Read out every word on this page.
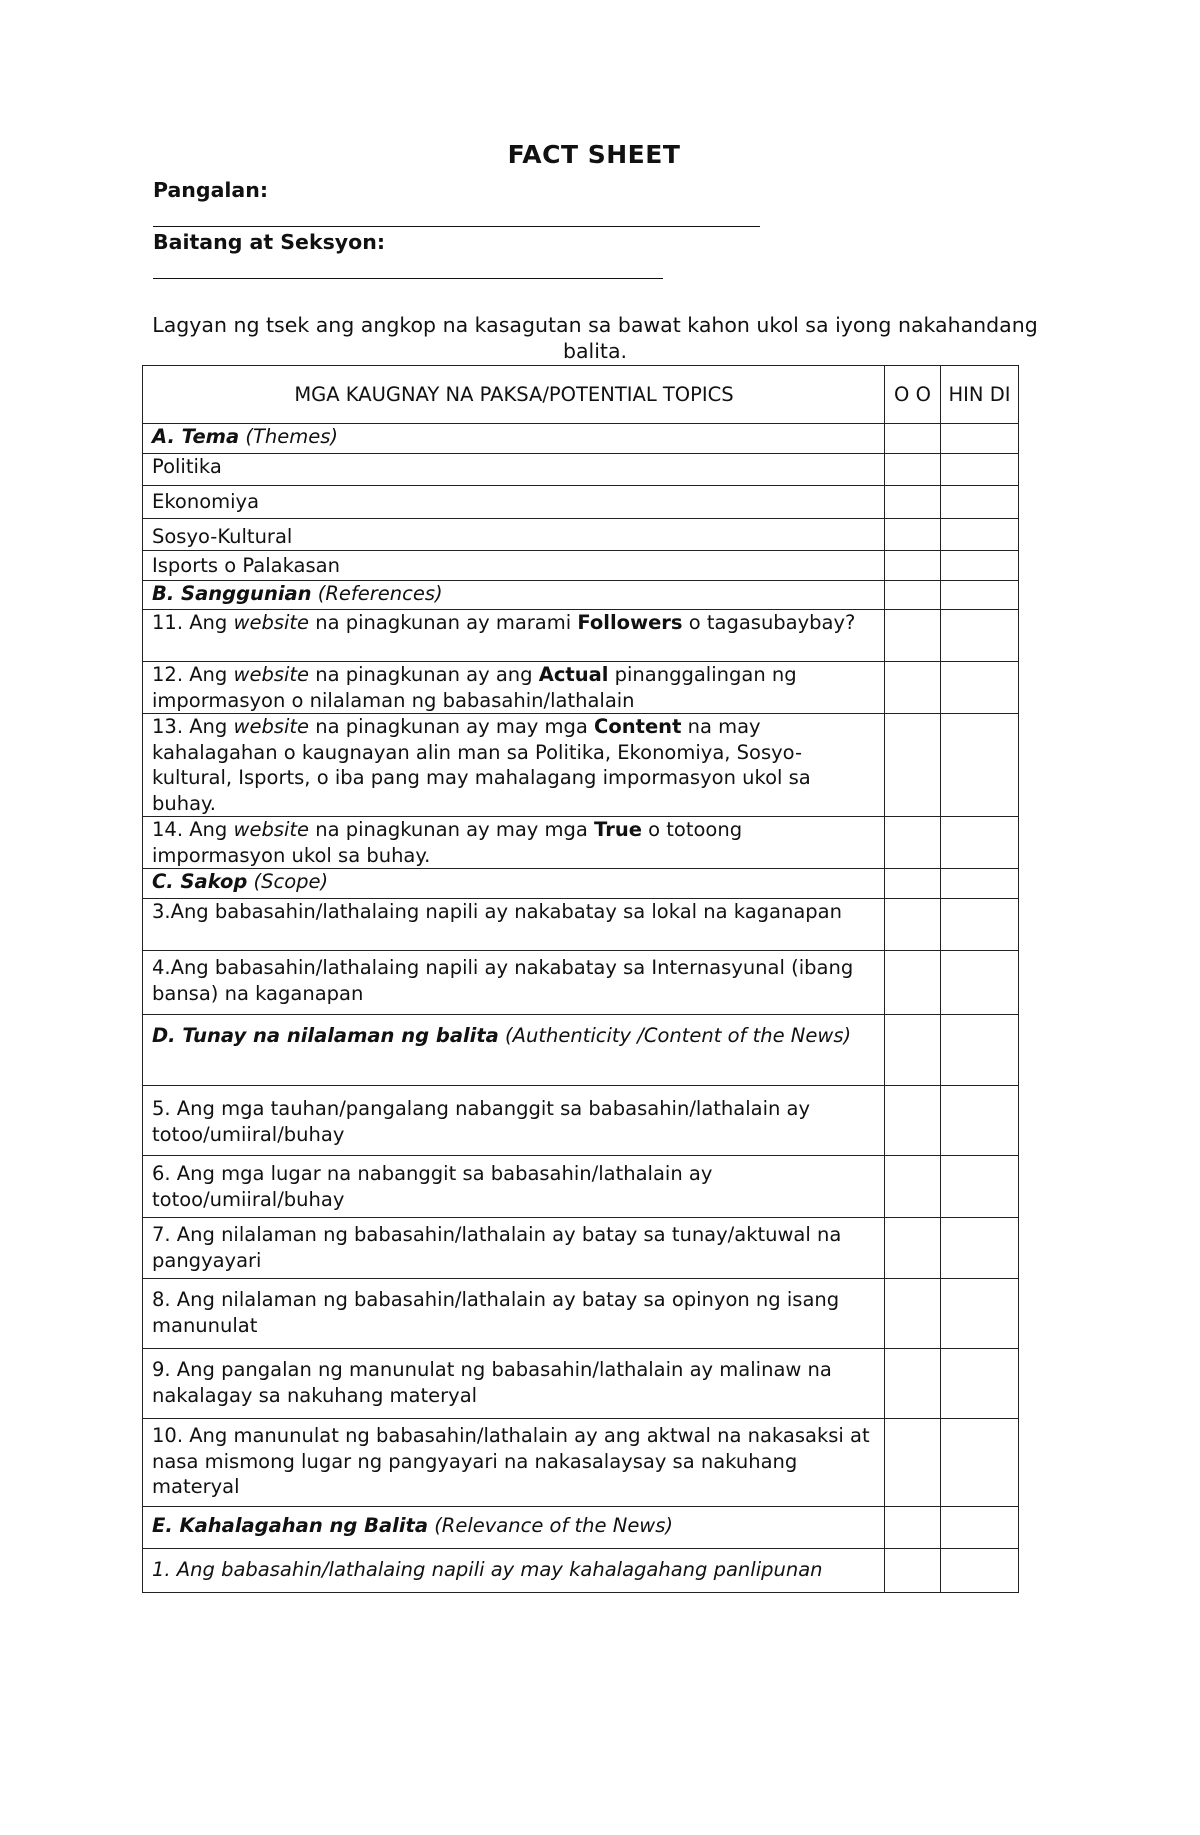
FACT SHEET
Pangalan:
Baitang at Seksyon:
Lagyan ng tsek ang angkop na kasagutan sa bawat kahon ukol sa iyong nakahandang balita.
MGA KAUGNAY NA PAKSA/POTENTIAL TOPICS	O O	HIN DI
A. Tema (Themes)		
Politika		
Ekonomiya		
Sosyo-Kultural		
Isports o Palakasan		
B. Sanggunian (References)		
11. Ang website na pinagkunan ay marami Followers o tagasubaybay?		
12. Ang website na pinagkunan ay ang Actual pinanggalingan ng impormasyon o nilalaman ng babasahin/lathalain		
13. Ang website na pinagkunan ay may mga Content na may kahalagahan o kaugnayan alin man sa Politika, Ekonomiya, Sosyo-kultural, Isports, o iba pang may mahalagang impormasyon ukol sa buhay.		
14. Ang website na pinagkunan ay may mga True o totoong impormasyon ukol sa buhay.		
C. Sakop (Scope)		
3.Ang babasahin/lathalaing napili ay nakabatay sa lokal na kaganapan		
4.Ang babasahin/lathalaing napili ay nakabatay sa Internasyunal (ibang bansa) na kaganapan		
D. Tunay na nilalaman ng balita (Authenticity /Content of the News)		
5. Ang mga tauhan/pangalang nabanggit sa babasahin/lathalain ay totoo/umiiral/buhay		
6. Ang mga lugar na nabanggit sa babasahin/lathalain ay totoo/umiiral/buhay		
7. Ang nilalaman ng babasahin/lathalain ay batay sa tunay/aktuwal na pangyayari		
8. Ang nilalaman ng babasahin/lathalain ay batay sa opinyon ng isang manunulat		
9. Ang pangalan ng manunulat ng babasahin/lathalain ay malinaw na nakalagay sa nakuhang materyal		
10. Ang manunulat ng babasahin/lathalain ay ang aktwal na nakasaksi at nasa mismong lugar ng pangyayari na nakasalaysay sa nakuhang materyal		
E. Kahalagahan ng Balita (Relevance of the News)		
1. Ang babasahin/lathalaing napili ay may kahalagahang panlipunan		
